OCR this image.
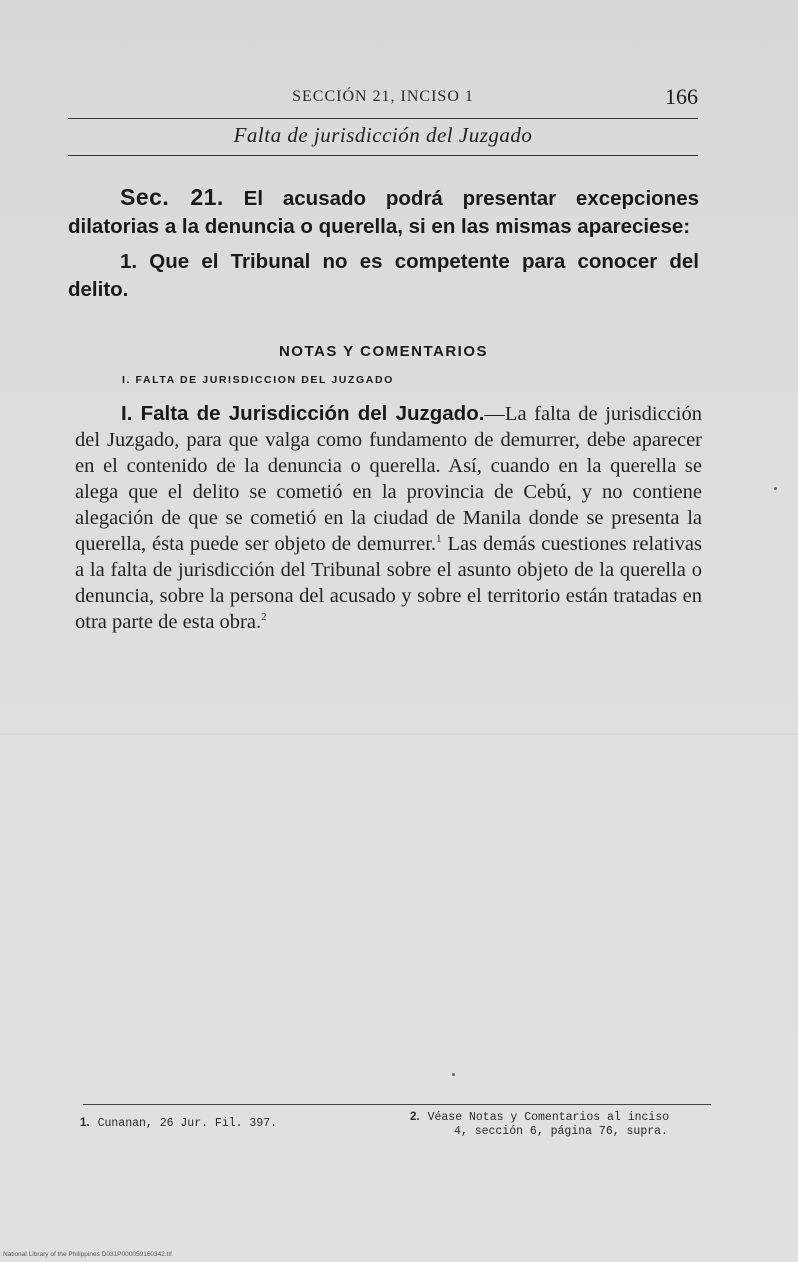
SECCIÓN 21, INCISO 1	166
Falta de jurisdicción del Juzgado

Sec. 21. El acusado podrá presentar excepciones dilatorias a la denuncia o querella, si en las mismas apareciese:

1. Que el Tribunal no es competente para conocer del delito.

NOTAS Y COMENTARIOS
I. FALTA DE JURISDICCION DEL JUZGADO

I. Falta de Jurisdicción del Juzgado.—La falta de jurisdicción del Juzgado, para que valga como fundamento de demurrer, debe aparecer en el contenido de la denuncia o querella. Así, cuando en la querella se alega que el delito se cometió en la provincia de Cebú, y no contiene alegación de que se cometió en la ciudad de Manila donde se presenta la querella, ésta puede ser objeto de demurrer.$^1$ Las demás cuestiones relativas a la falta de jurisdicción del Tribunal sobre el asunto objeto de la querella o denuncia, sobre la persona del acusado y sobre el territorio están tratadas en otra parte de esta obra.$^2$

1. Cunanan, 26 Jur. Fil. 397.	2. Véase Notas y Comentarios al inciso
4, sección 6, página 76, supra.
National Library of the Philippines D031P000059160342.tif
